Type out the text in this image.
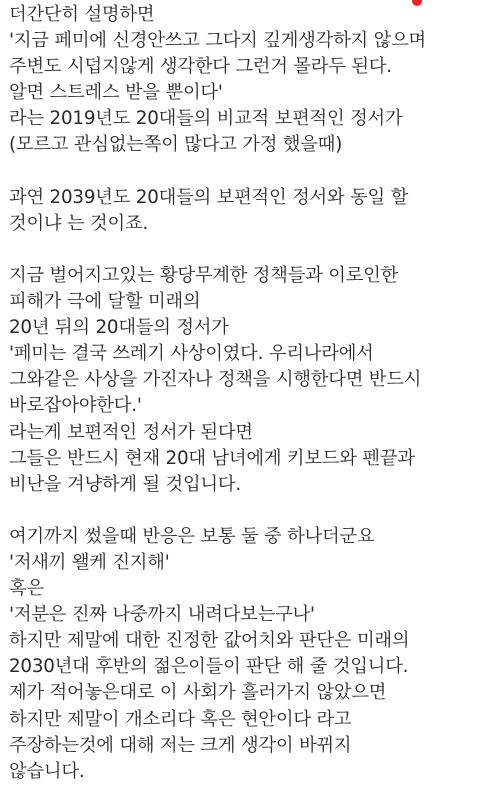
더간단히 설명하면
'지금 페미에 신경안쓰고 그다지 깊게생각하지 않으며
주변도 시덥지않게 생각한다 그런거 몰라두 된다.
알면 스트레스 받을 뿐이다'
라는 2019년도 20대들의 비교적 보편적인 정서가
(모르고 관심없는쪽이 많다고 가정 했을때)
과연 2039년도 20대들의 보편적인 정서와 동일 할
것이냐 는 것이죠.
지금 벌어지고있는 황당무계한 정책들과 이로인한
피해가 극에 달할 미래의
20년 뒤의 20대들의 정서가
'페미는 결국 쓰레기 사상이였다. 우리나라에서
그와같은 사상을 가진자나 정책을 시행한다면 반드시
바로잡아야한다.'
라는게 보편적인 정서가 된다면
그들은 반드시 현재 20대 남녀에게 키보드와 펜끝과
비난을 겨냥하게 될 것입니다.
여기까지 썼을때 반응은 보통 둘 중 하나더군요
'저새끼 왤케 진지해'
혹은
'저분은 진짜 나중까지 내려다보는구나'
하지만 제말에 대한 진정한 값어치와 판단은 미래의
2030년대 후반의 젊은이들이 판단 해 줄 것입니다.
제가 적어놓은대로 이 사회가 흘러가지 않았으면
하지만 제말이 개소리다 혹은 현안이다 라고
주장하는것에 대해 저는 크게 생각이 바뀌지
않습니다.
